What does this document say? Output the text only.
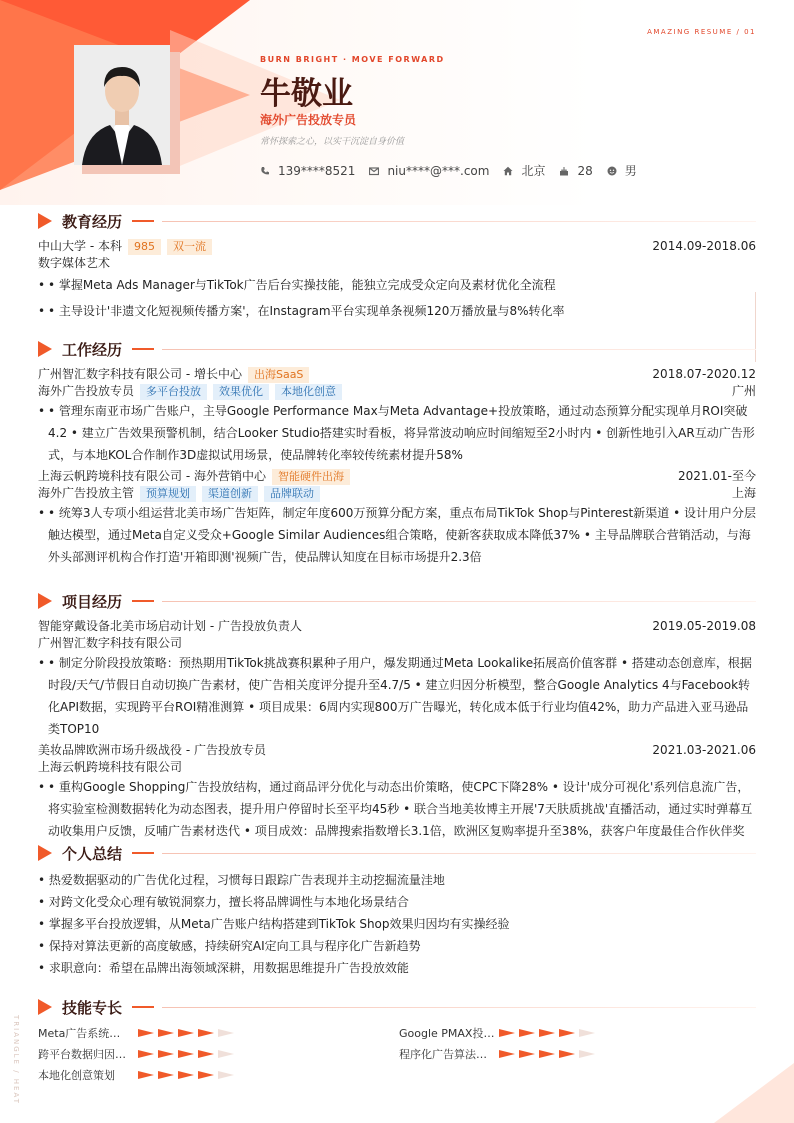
AMAZING RESUME / 01
BURN BRIGHT · MOVE FORWARD
牛敬业
海外广告投放专员
常怀探索之心，以实干沉淀自身价值
139****8521	niu****@***.com	北京	28	男
TRIANGLE / HEAT
教育经历
中山大学 - 本科	985	双一流	2014.09-2018.06
数字媒体艺术
• • 掌握Meta Ads Manager与TikTok广告后台实操技能，能独立完成受众定向及素材优化全流程
• • 主导设计'非遗文化短视频传播方案'，在Instagram平台实现单条视频120万播放量与8%转化率
工作经历
广州智汇数字科技有限公司 - 增长中心	出海SaaS	2018.07-2020.12
海外广告投放专员	多平台投放	效果优化	本地化创意	广州
• • 管理东南亚市场广告账户，主导Google Performance Max与Meta Advantage+投放策略，通过动态预算分配实现单月ROI突破4.2 • 建立广告效果预警机制，结合Looker Studio搭建实时看板，将异常波动响应时间缩短至2小时内 • 创新性地引入AR互动广告形式，与本地KOL合作制作3D虚拟试用场景，使品牌转化率较传统素材提升58%
上海云帆跨境科技有限公司 - 海外营销中心	智能硬件出海	2021.01-至今
海外广告投放主管	预算规划	渠道创新	品牌联动	上海
• • 统筹3人专项小组运营北美市场广告矩阵，制定年度600万预算分配方案，重点布局TikTok Shop与Pinterest新渠道 • 设计用户分层触达模型，通过Meta自定义受众+Google Similar Audiences组合策略，使新客获取成本降低37% • 主导品牌联合营销活动，与海外头部测评机构合作打造'开箱即测'视频广告，使品牌认知度在目标市场提升2.3倍
项目经历
智能穿戴设备北美市场启动计划 - 广告投放负责人	2019.05-2019.08
广州智汇数字科技有限公司
• • 制定分阶段投放策略：预热期用TikTok挑战赛积累种子用户，爆发期通过Meta Lookalike拓展高价值客群 • 搭建动态创意库，根据时段/天气/节假日自动切换广告素材，使广告相关度评分提升至4.7/5 • 建立归因分析模型，整合Google Analytics 4与Facebook转化API数据，实现跨平台ROI精准测算 • 项目成果：6周内实现800万广告曝光，转化成本低于行业均值42%，助力产品进入亚马逊品类TOP10
美妆品牌欧洲市场升级战役 - 广告投放专员	2021.03-2021.06
上海云帆跨境科技有限公司
• • 重构Google Shopping广告投放结构，通过商品评分优化与动态出价策略，使CPC下降28% • 设计'成分可视化'系列信息流广告，将实验室检测数据转化为动态图表，提升用户停留时长至平均45秒 • 联合当地美妆博主开展'7天肤质挑战'直播活动，通过实时弹幕互动收集用户反馈，反哺广告素材迭代 • 项目成效：品牌搜索指数增长3.1倍，欧洲区复购率提升至38%，获客户年度最佳合作伙伴奖
个人总结
• 热爱数据驱动的广告优化过程，习惯每日跟踪广告表现并主动挖掘流量洼地
• 对跨文化受众心理有敏锐洞察力，擅长将品牌调性与本地化场景结合
• 掌握多平台投放逻辑，从Meta广告账户结构搭建到TikTok Shop效果归因均有实操经验
• 保持对算法更新的高度敏感，持续研究AI定向工具与程序化广告新趋势
• 求职意向：希望在品牌出海领域深耕，用数据思维提升广告投放效能
技能专长
Meta广告系统…	Google PMAX投…
跨平台数据归因…	程序化广告算法…
本地化创意策划
